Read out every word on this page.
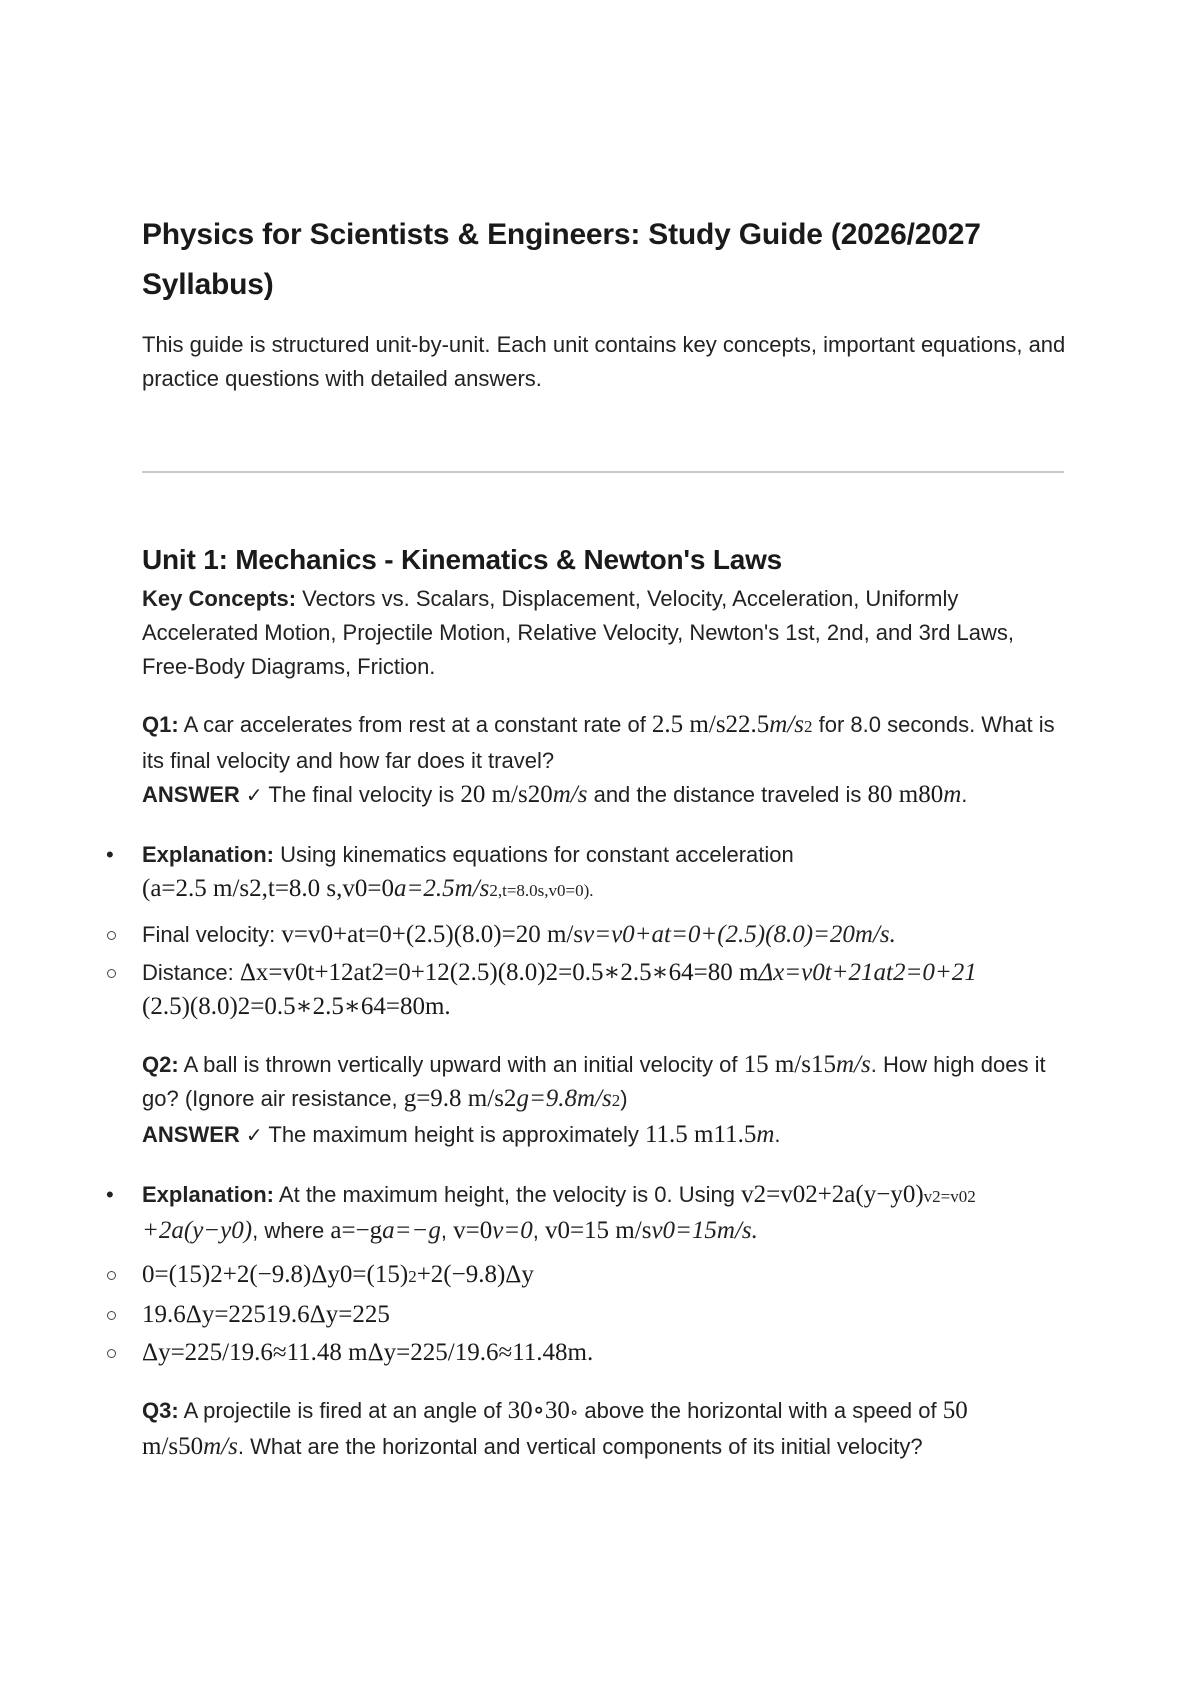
Physics for Scientists & Engineers: Study Guide (2026/2027 Syllabus)

This guide is structured unit-by-unit. Each unit contains key concepts, important equations, and practice questions with detailed answers.

Unit 1: Mechanics - Kinematics & Newton's Laws

Key Concepts: Vectors vs. Scalars, Displacement, Velocity, Acceleration, Uniformly Accelerated Motion, Projectile Motion, Relative Velocity, Newton's 1st, 2nd, and 3rd Laws, Free-Body Diagrams, Friction.

Q1: A car accelerates from rest at a constant rate of 2.5 m/s22.5m/s2 for 8.0 seconds. What is its final velocity and how far does it travel?

ANSWER ✓ The final velocity is 20 m/s20m/s and the distance traveled is 80 m80m.

• Explanation: Using kinematics equations for constant acceleration
(a=2.5 m/s2,t=8.0 s,v0=0a=2.5m/s2,t=8.0s,v0=0).
Final velocity: v=v0+at=0+(2.5)(8.0)=20 m/sv=v0+at=0+(2.5)(8.0)=20m/s.
Distance: Δx=v0t+12at2=0+12(2.5)(8.0)2=0.5∗2.5∗64=80 mΔx=v0t+21at2=0+21
(2.5)(8.0)2=0.5∗2.5∗64=80m.

Q2: A ball is thrown vertically upward with an initial velocity of 15 m/s15m/s. How high does it go? (Ignore air resistance, g=9.8 m/s2g=9.8m/s2)

ANSWER ✓ The maximum height is approximately 11.5 m11.5m.

• Explanation: At the maximum height, the velocity is 0. Using v2=v02+2a(y−y0)v2=v02
+2a(y−y0), where a=−ga=−g, v=0v=0, v0=15 m/sv0=15m/s.
0=(15)2+2(−9.8)Δy0=(15)2+2(−9.8)Δy
19.6Δy=22519.6Δy=225
Δy=225/19.6≈11.48 mΔy=225/19.6≈11.48m.

Q3: A projectile is fired at an angle of 30∘30∘ above the horizontal with a speed of 50 m/s50m/s. What are the horizontal and vertical components of its initial velocity?
